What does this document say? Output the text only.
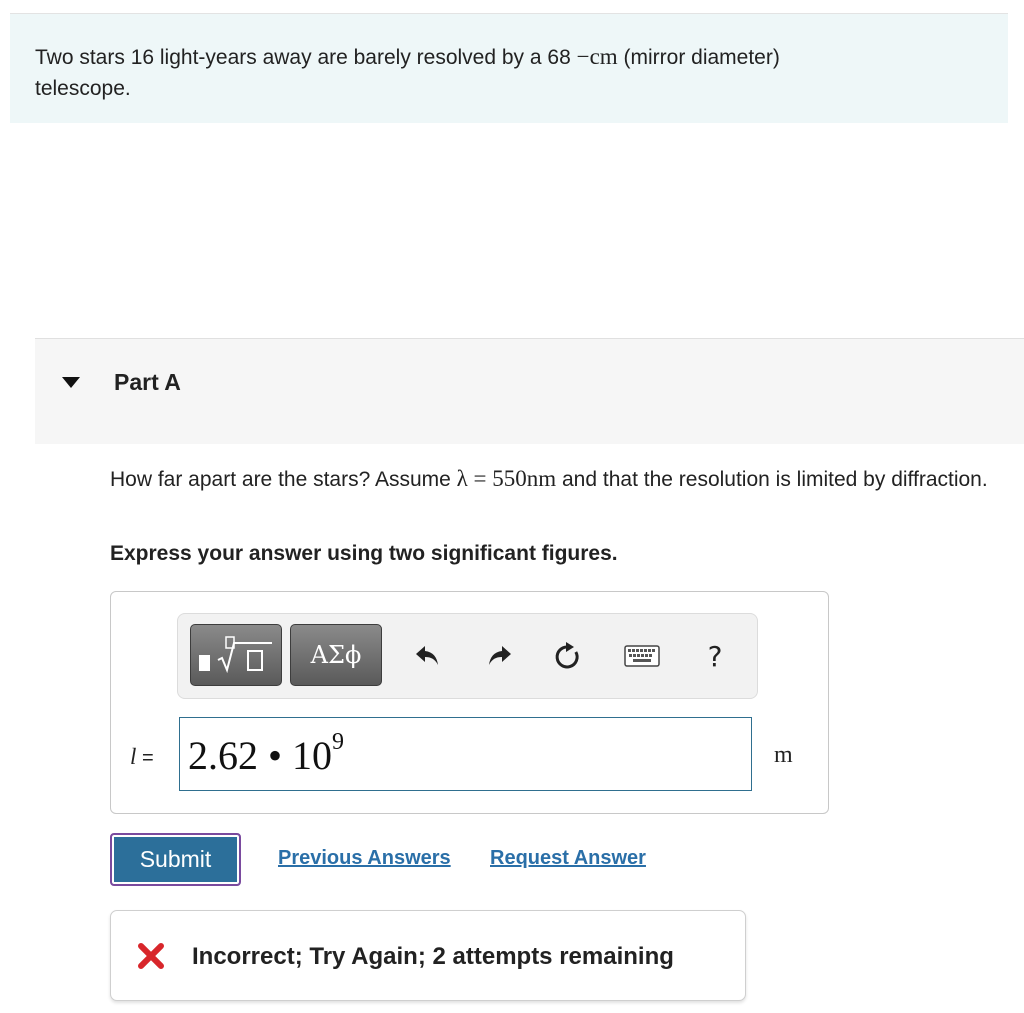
Two stars 16 light-years away are barely resolved by a 68 −cm (mirror diameter)
telescope.
Part A
How far apart are the stars? Assume λ = 550nm and that the resolution is limited by diffraction.
Express your answer using two significant figures.
ΑΣϕ	?
l = 2.62 • $10^9$
m
Submit	Previous Answers Request Answer
Incorrect; Try Again; 2 attempts remaining
